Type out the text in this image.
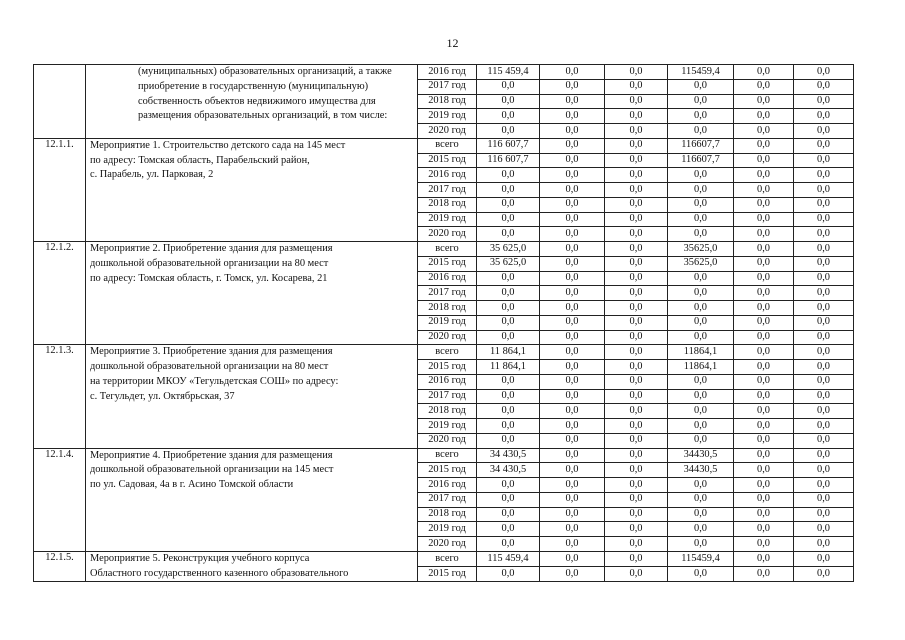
12

	(муниципальных) образовательных организаций, а также
приобретение в государственную (муниципальную)
собственность объектов недвижимого имущества для
размещения образовательных организаций, в том числе:	2016 год	115 459,4	0,0	0,0	115459,4	0,0	0,0
		2017 год	0,0	0,0	0,0	0,0	0,0	0,0
		2018 год	0,0	0,0	0,0	0,0	0,0	0,0
		2019 год	0,0	0,0	0,0	0,0	0,0	0,0
		2020 год	0,0	0,0	0,0	0,0	0,0	0,0
12.1.1.	Мероприятие 1. Строительство детского сада на 145 мест
по адресу: Томская область, Парабельский район,
с. Парабель, ул. Парковая, 2	всего	116 607,7	0,0	0,0	116607,7	0,0	0,0
		2015 год	116 607,7	0,0	0,0	116607,7	0,0	0,0
		2016 год	0,0	0,0	0,0	0,0	0,0	0,0
		2017 год	0,0	0,0	0,0	0,0	0,0	0,0
		2018 год	0,0	0,0	0,0	0,0	0,0	0,0
		2019 год	0,0	0,0	0,0	0,0	0,0	0,0
		2020 год	0,0	0,0	0,0	0,0	0,0	0,0
12.1.2.	Мероприятие 2. Приобретение здания для размещения
дошкольной образовательной организации на 80 мест
по адресу: Томская область, г. Томск, ул. Косарева, 21	всего	35 625,0	0,0	0,0	35625,0	0,0	0,0
		2015 год	35 625,0	0,0	0,0	35625,0	0,0	0,0
		2016 год	0,0	0,0	0,0	0,0	0,0	0,0
		2017 год	0,0	0,0	0,0	0,0	0,0	0,0
		2018 год	0,0	0,0	0,0	0,0	0,0	0,0
		2019 год	0,0	0,0	0,0	0,0	0,0	0,0
		2020 год	0,0	0,0	0,0	0,0	0,0	0,0
12.1.3.	Мероприятие 3. Приобретение здания для размещения
дошкольной образовательной организации на 80 мест
на территории МКОУ «Тегульдетская СОШ» по адресу:
с. Тегульдет, ул. Октябрьская, 37	всего	11 864,1	0,0	0,0	11864,1	0,0	0,0
		2015 год	11 864,1	0,0	0,0	11864,1	0,0	0,0
		2016 год	0,0	0,0	0,0	0,0	0,0	0,0
		2017 год	0,0	0,0	0,0	0,0	0,0	0,0
		2018 год	0,0	0,0	0,0	0,0	0,0	0,0
		2019 год	0,0	0,0	0,0	0,0	0,0	0,0
		2020 год	0,0	0,0	0,0	0,0	0,0	0,0
12.1.4.	Мероприятие 4. Приобретение здания для размещения
дошкольной образовательной организации на 145 мест
по ул. Садовая, 4а в г. Асино Томской области	всего	34 430,5	0,0	0,0	34430,5	0,0	0,0
		2015 год	34 430,5	0,0	0,0	34430,5	0,0	0,0
		2016 год	0,0	0,0	0,0	0,0	0,0	0,0
		2017 год	0,0	0,0	0,0	0,0	0,0	0,0
		2018 год	0,0	0,0	0,0	0,0	0,0	0,0
		2019 год	0,0	0,0	0,0	0,0	0,0	0,0
		2020 год	0,0	0,0	0,0	0,0	0,0	0,0
12.1.5.	Мероприятие 5. Реконструкция учебного корпуса
Областного государственного казенного образовательного	всего	115 459,4	0,0	0,0	115459,4	0,0	0,0
		2015 год	0,0	0,0	0,0	0,0	0,0	0,0
